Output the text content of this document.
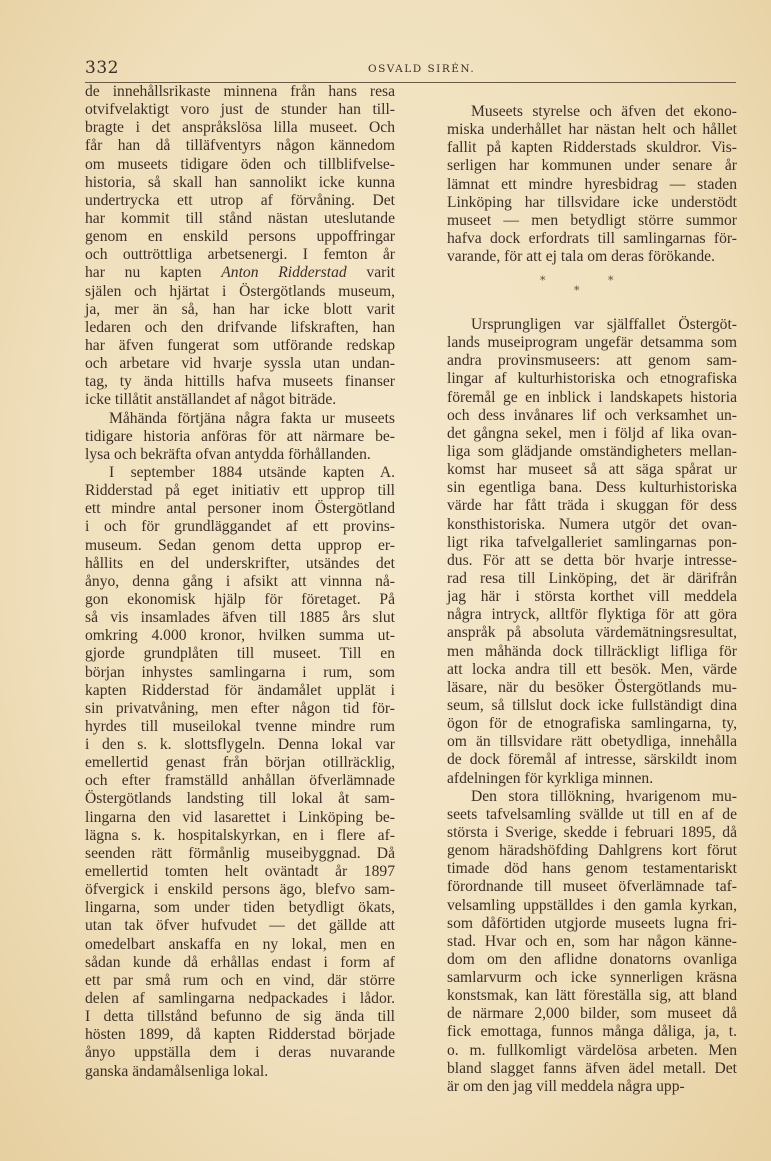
332	OSVALD SIRÉN.
de innehållsrikaste minnena från hans resa
otvifvelaktigt voro just de stunder han till-
bragte i det anspråkslösa lilla museet. Och
får han då tilläfventyrs någon kännedom
om museets tidigare öden och tillblifvelse-
historia, så skall han sannolikt icke kunna
undertrycka ett utrop af förvåning. Det
har kommit till stånd nästan uteslutande
genom en enskild persons uppoffringar
och outtröttliga arbetsenergi. I femton år
har nu kapten Anton Ridderstad varit
själen och hjärtat i Östergötlands museum,
ja, mer än så, han har icke blott varit
ledaren och den drifvande lifskraften, han
har äfven fungerat som utförande redskap
och arbetare vid hvarje syssla utan undan-
tag, ty ända hittills hafva museets finanser
icke tillåtit anställandet af något biträde.
Måhända förtjäna några fakta ur museets
tidigare historia anföras för att närmare be-
lysa och bekräfta ofvan antydda förhållanden.
I september 1884 utsände kapten A.
Ridderstad på eget initiativ ett upprop till
ett mindre antal personer inom Östergötland
i och för grundläggandet af ett provins-
museum. Sedan genom detta upprop er-
hållits en del underskrifter, utsändes det
ånyo, denna gång i afsikt att vinnna nå-
gon ekonomisk hjälp för företaget. På
så vis insamlades äfven till 1885 års slut
omkring 4.000 kronor, hvilken summa ut-
gjorde grundplåten till museet. Till en
början inhystes samlingarna i rum, som
kapten Ridderstad för ändamålet upplät i
sin privatvåning, men efter någon tid för-
hyrdes till museilokal tvenne mindre rum
i den s. k. slottsflygeln. Denna lokal var
emellertid genast från början otillräcklig,
och efter framställd anhållan öfverlämnade
Östergötlands landsting till lokal åt sam-
lingarna den vid lasarettet i Linköping be-
lägna s. k. hospitalskyrkan, en i flere af-
seenden rätt förmånlig museibyggnad. Då
emellertid tomten helt oväntadt år 1897
öfvergick i enskild persons ägo, blefvo sam-
lingarna, som under tiden betydligt ökats,
utan tak öfver hufvudet — det gällde att
omedelbart anskaffa en ny lokal, men en
sådan kunde då erhållas endast i form af
ett par små rum och en vind, där större
delen af samlingarna nedpackades i lådor.
I detta tillstånd befunno de sig ända till
hösten 1899, då kapten Ridderstad började
ånyo uppställa dem i deras nuvarande
ganska ändamålsenliga lokal.
Museets styrelse och äfven det ekono-
miska underhållet har nästan helt och hållet
fallit på kapten Ridderstads skuldror. Vis-
serligen har kommunen under senare år
lämnat ett mindre hyresbidrag — staden
Linköping har tillsvidare icke understödt
museet — men betydligt större summor
hafva dock erfordrats till samlingarnas för-
varande, för att ej tala om deras förökande.
*	*
*
Ursprungligen var själffallet Östergöt-
lands museiprogram ungefär detsamma som
andra provinsmuseers: att genom sam-
lingar af kulturhistoriska och etnografiska
föremål ge en inblick i landskapets historia
och dess invånares lif och verksamhet un-
det gångna sekel, men i följd af lika ovan-
liga som glädjande omständigheters mellan-
komst har museet så att säga spårat ur
sin egentliga bana. Dess kulturhistoriska
värde har fått träda i skuggan för dess
konsthistoriska. Numera utgör det ovan-
ligt rika tafvelgalleriet samlingarnas pon-
dus. För att se detta bör hvarje intresse-
rad resa till Linköping, det är därifrån
jag här i största korthet vill meddela
några intryck, alltför flyktiga för att göra
anspråk på absoluta värdemätningsresultat,
men måhända dock tillräckligt lifliga för
att locka andra till ett besök. Men, värde
läsare, när du besöker Östergötlands mu-
seum, så tillslut dock icke fullständigt dina
ögon för de etnografiska samlingarna, ty,
om än tillsvidare rätt obetydliga, innehålla
de dock föremål af intresse, särskildt inom
afdelningen för kyrkliga minnen.
Den stora tillökning, hvarigenom mu-
seets tafvelsamling svällde ut till en af de
största i Sverige, skedde i februari 1895, då
genom häradshöfding Dahlgrens kort förut
timade död hans genom testamentariskt
förordnande till museet öfverlämnade taf-
velsamling uppställdes i den gamla kyrkan,
som dåförtiden utgjorde museets lugna fri-
stad. Hvar och en, som har någon känne-
dom om den aflidne donatorns ovanliga
samlarvurm och icke synnerligen kräsna
konstsmak, kan lätt föreställa sig, att bland
de närmare 2,000 bilder, som museet då
fick emottaga, funnos många dåliga, ja, t.
o. m. fullkomligt värdelösa arbeten. Men
bland slagget fanns äfven ädel metall. Det
är om den jag vill meddela några upp-
